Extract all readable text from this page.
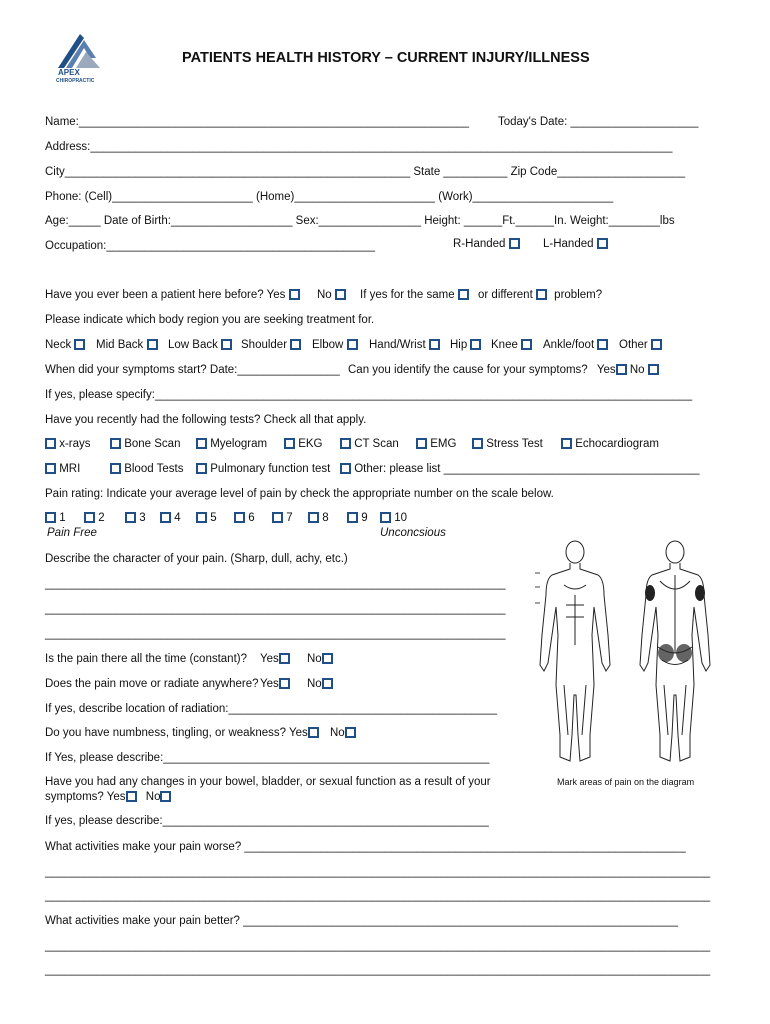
APEX
CHIROPRACTIC
PATIENTS HEALTH HISTORY – CURRENT INJURY/ILLNESS
Name:_____________________________________________________________	Today's Date: ____________________
Address:___________________________________________________________________________________________
City______________________________________________________ State __________ Zip Code____________________
Phone: (Cell)______________________ (Home)______________________ (Work)______________________
Age:_____ Date of Birth:___________________ Sex:________________ Height: ______Ft.______In. Weight:________lbs
Occupation:__________________________________________	R-Handed	L-Handed
Have you ever been a patient here before? Yes	No	If yes for the same	or different problem?
Please indicate which body region you are seeking treatment for.
Neck	Mid Back	Low Back	Shoulder	Elbow	Hand/Wrist	Hip	Knee	Ankle/foot	Other
When did your symptoms start? Date:________________ Can you identify the cause for your symptoms? Yes No
If yes, please specify:____________________________________________________________________________________
Have you recently had the following tests? Check all that apply.
x-rays	Bone Scan	Myelogram	EKG	CT Scan	EMG	Stress Test	Echocardiogram
MRI	Blood Tests	Pulmonary function test	Other: please list ________________________________________
Pain rating: Indicate your average level of pain by check the appropriate number on the scale below.
1	2	3	4	5	6	7	8	9	10
Pain Free	Unconcsious
Describe the character of your pain. (Sharp, dull, achy, etc.)
________________________________________________________________________
________________________________________________________________________
________________________________________________________________________
Is the pain there all the time (constant)? Yes	No
Does the pain move or radiate anywhere? Yes	No
If yes, describe location of radiation:__________________________________________
Do you have numbness, tingling, or weakness? Yes	No
If Yes, please describe:___________________________________________________
Have you had any changes in your bowel, bladder, or sexual function as a result of your
symptoms? Yes No
If yes, please describe:___________________________________________________
Mark areas of pain on the diagram
What activities make your pain worse? _____________________________________________________________________
________________________________________________________________________________________________________
________________________________________________________________________________________________________
What activities make your pain better? ____________________________________________________________________
________________________________________________________________________________________________________
________________________________________________________________________________________________________
